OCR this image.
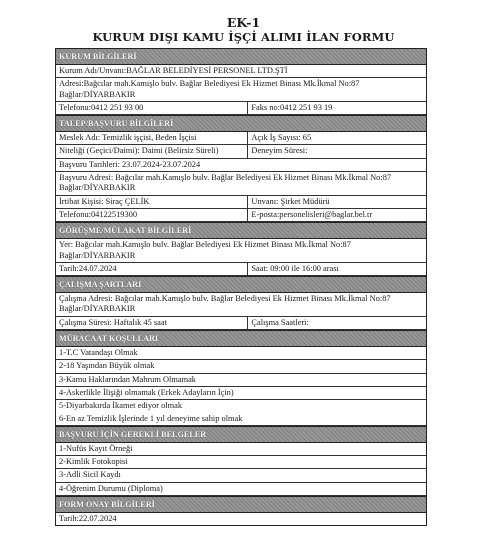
EK-1
KURUM DIŞI KAMU İŞÇİ ALIMI İLAN FORMU
KURUM BİLGİLERİ
Kurum Adı/Unvanı:BAĞLAR BELEDİYESİ PERSONEL LTD.ŞTİ
Adresi:Bağcılar mah.Kamışlo bulv. Bağlar Belediyesi Ek Hizmet Binası Mk.İkmal No:87 Bağlar/DİYARBAKIR
Telefonu:0412 251 93 00	Faks no:0412 251 93 19
TALEP/BAŞVURU BİLGİLERİ
Meslek Adı: Temizlik işçisi, Beden İşçisi	Açık İş Sayısı: 65
Niteliği (Geçici/Daimi): Daimi (Belirsiz Süreli)	Deneyim Süresi:
Başvuru Tarihleri: 23.07.2024-23.07.2024
Başvuru Adresi: Bağcılar mah.Kamışlo bulv. Bağlar Belediyesi Ek Hizmet Binası Mk.İkmal No:87 Bağlar/DİYARBAKIR
İrtibat Kişisi: Siraç ÇELİK	Unvanı: Şirket Müdürü
Telefonu:04122519300	E-posta:personelisleri@baglar.bel.tr
GÖRÜŞME/MÜLAKAT BİLGİLERİ
Yer: Bağcılar mah.Kamışlo bulv. Bağlar Belediyesi Ek Hizmet Binası Mk.İkmal No:87 Bağlar/DİYARBAKIR
Tarih:24.07.2024	Saat: 09:00 ile 16:00 arası
ÇALIŞMA ŞARTLARI
Çalışma Adresi: Bağcılar mah.Kamışlo bulv. Bağlar Belediyesi Ek Hizmet Binası Mk.İkmal No:87 Bağlar/DİYARBAKIR
Çalışma Süresi: Haftalık 45 saat	Çalışma Saatleri:
MÜRACAAT KOŞULLARI
1-T.C Vatandaşı Olmak
2-18 Yaşından Büyük olmak
3-Kamu Haklarından Mahrum Olmamak
4-Askerlikle İlişiği olmamak (Erkek Adayların İçin)
5-Diyarbakırda İkamet ediyor olmak
6-En az Temizlik İşlerinde 1 yıl deneyime sahip olmak
BAŞVURU İÇİN GEREKLİ BELGELER
1-Nufüs Kayıt Örneği
2-Kimlik Fotokopisi
3-Adli Sicil Kaydı
4-Öğrenim Durumu (Diploma)
FORM ONAY BİLGİLERİ
Tarih:22.07.2024
